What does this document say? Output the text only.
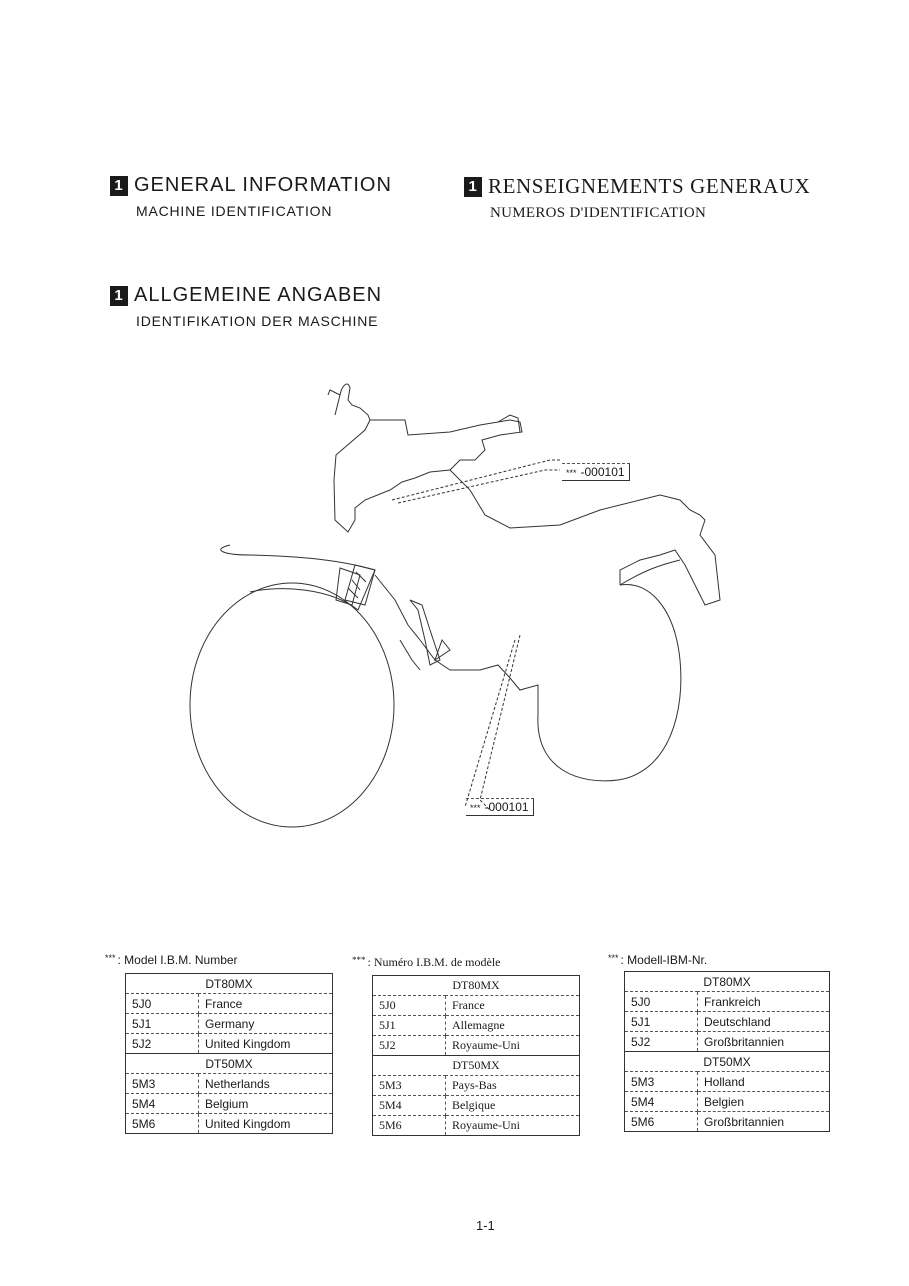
1 GENERAL INFORMATION
MACHINE IDENTIFICATION
1 RENSEIGNEMENTS GENERAUX
NUMEROS D'IDENTIFICATION
1 ALLGEMEINE ANGABEN
IDENTIFIKATION DER MASCHINE
*** -000101
*** -000101
*** : Model I.B.M. Number	*** : Numéro I.B.M. de modèle	*** : Modell-IBM-Nr.
DT80MX	
5J0	France
5J1	Germany
5J2	United Kingdom
DT50MX	
5M3	Netherlands
5M4	Belgium
5M6	United Kingdom
DT80MX	
5J0	France
5J1	Allemagne
5J2	Royaume-Uni
DT50MX	
5M3	Pays-Bas
5M4	Belgique
5M6	Royaume-Uni
DT80MX	
5J0	Frankreich
5J1	Deutschland
5J2	Großbritannien
DT50MX	
5M3	Holland
5M4	Belgien
5M6	Großbritannien
1-1
